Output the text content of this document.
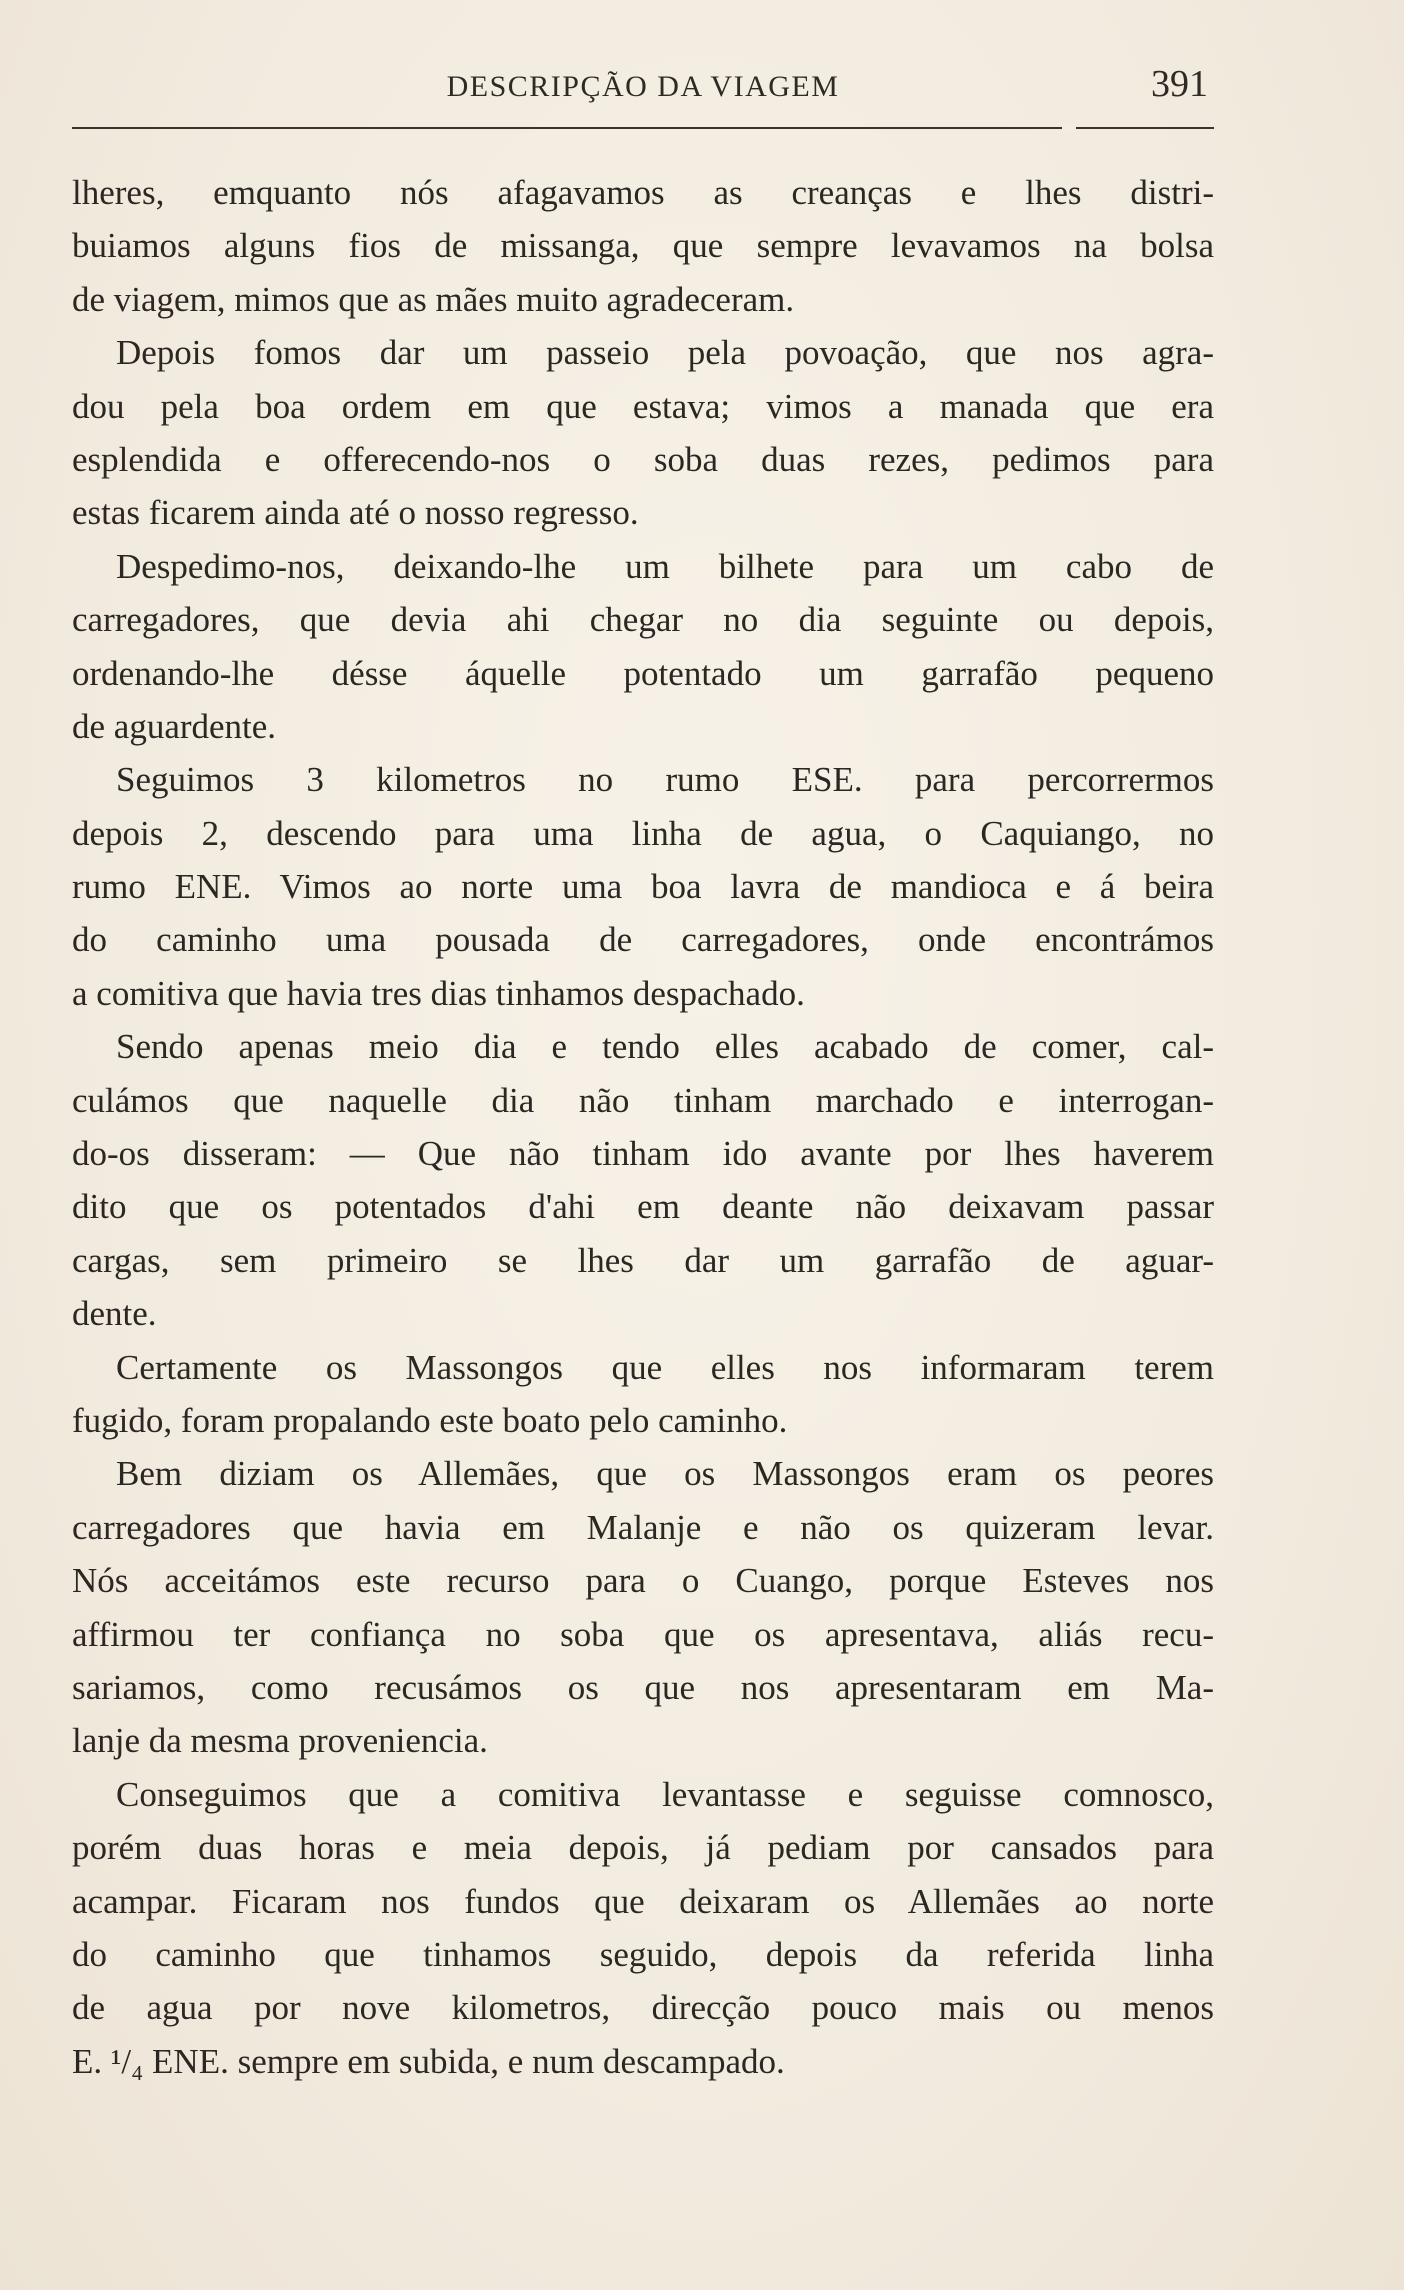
DESCRIPÇÃO DA VIAGEM	391
lheres, emquanto nós afagavamos as creanças e lhes distri-
buiamos alguns fios de missanga, que sempre levavamos na bolsa
de viagem, mimos que as mães muito agradeceram.
Depois fomos dar um passeio pela povoação, que nos agra-
dou pela boa ordem em que estava; vimos a manada que era
esplendida e offerecendo-nos o soba duas rezes, pedimos para
estas ficarem ainda até o nosso regresso.
Despedimo-nos, deixando-lhe um bilhete para um cabo de
carregadores, que devia ahi chegar no dia seguinte ou depois,
ordenando-lhe désse áquelle potentado um garrafão pequeno
de aguardente.
Seguimos 3 kilometros no rumo ESE. para percorrermos
depois 2, descendo para uma linha de agua, o Caquiango, no
rumo ENE. Vimos ao norte uma boa lavra de mandioca e á beira
do caminho uma pousada de carregadores, onde encontrámos
a comitiva que havia tres dias tinhamos despachado.
Sendo apenas meio dia e tendo elles acabado de comer, cal-
culámos que naquelle dia não tinham marchado e interrogan-
do-os disseram: — Que não tinham ido avante por lhes haverem
dito que os potentados d'ahi em deante não deixavam passar
cargas, sem primeiro se lhes dar um garrafão de aguar-
dente.
Certamente os Massongos que elles nos informaram terem
fugido, foram propalando este boato pelo caminho.
Bem diziam os Allemães, que os Massongos eram os peores
carregadores que havia em Malanje e não os quizeram levar.
Nós acceitámos este recurso para o Cuango, porque Esteves nos
affirmou ter confiança no soba que os apresentava, aliás recu-
sariamos, como recusámos os que nos apresentaram em Ma-
lanje da mesma proveniencia.
Conseguimos que a comitiva levantasse e seguisse comnosco,
porém duas horas e meia depois, já pediam por cansados para
acampar. Ficaram nos fundos que deixaram os Allemães ao norte
do caminho que tinhamos seguido, depois da referida linha
de agua por nove kilometros, direcção pouco mais ou menos
E. ¹/₄ ENE. sempre em subida, e num descampado.
